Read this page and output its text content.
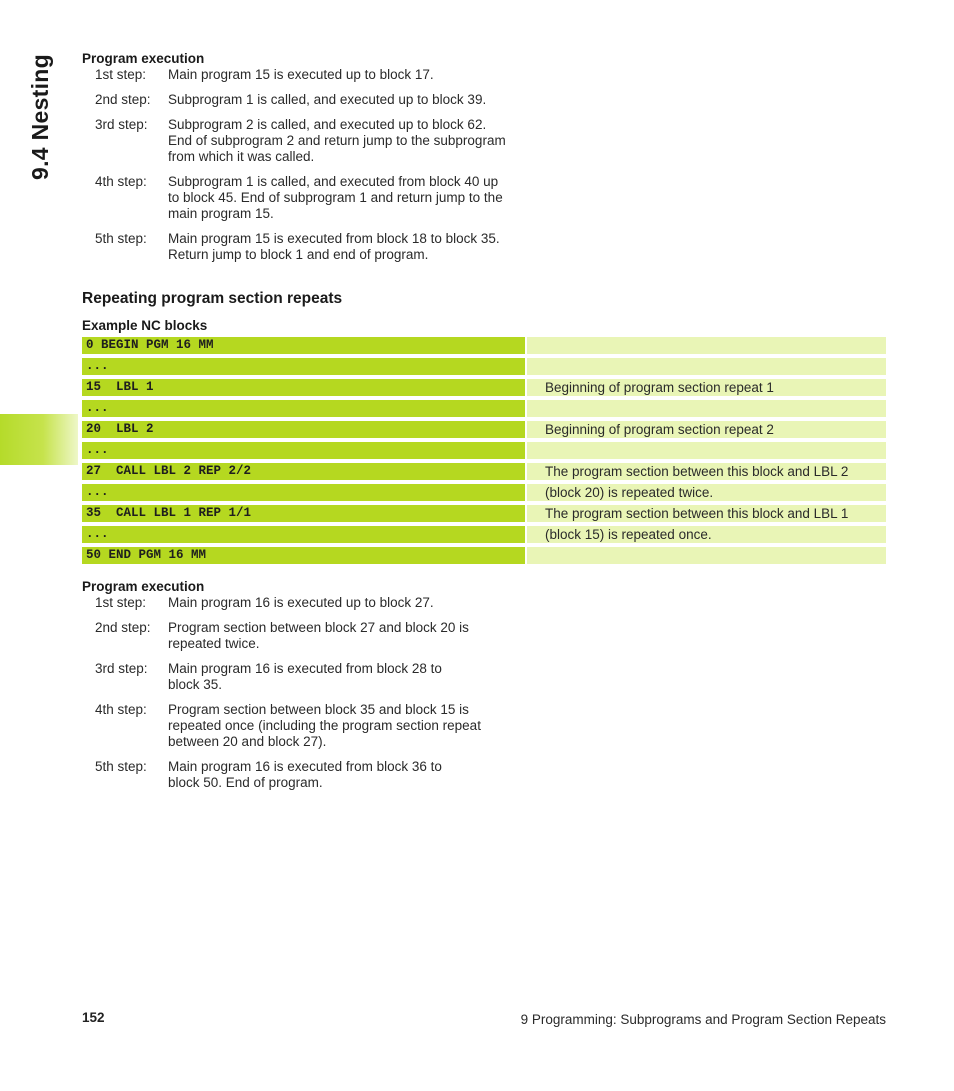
9.4 Nesting Program execution
1st step:	Main program 15 is executed up to block 17.
2nd step:	Subprogram 1 is called, and executed up to block 39.
3rd step:	Subprogram 2 is called, and executed up to block 62. End of subprogram 2 and return jump to the subprogram from which it was called.
4th step:	Subprogram 1 is called, and executed from block 40 up to block 45. End of subprogram 1 and return jump to the main program 15.
5th step:	Main program 15 is executed from block 18 to block 35. Return jump to block 1 and end of program.
Repeating program section repeats
Example NC blocks
0 BEGIN PGM 16 MM
...
15  LBL 1	Beginning of program section repeat 1
...
20  LBL 2	Beginning of program section repeat 2
...
27  CALL LBL 2 REP 2/2	The program section between this block and LBL 2
...	(block 20) is repeated twice.
35  CALL LBL 1 REP 1/1	The program section between this block and LBL 1
...	(block 15) is repeated once.
50 END PGM 16 MM
Program execution
1st step:	Main program 16 is executed up to block 27.
2nd step:	Program section between block 27 and block 20 is repeated twice.
3rd step:	Main program 16 is executed from block 28 to block 35.
4th step:	Program section between block 35 and block 15 is repeated once (including the program section repeat between 20 and block 27).
5th step:	Main program 16 is executed from block 36 to block 50. End of program.
152	9 Programming: Subprograms and Program Section Repeats
